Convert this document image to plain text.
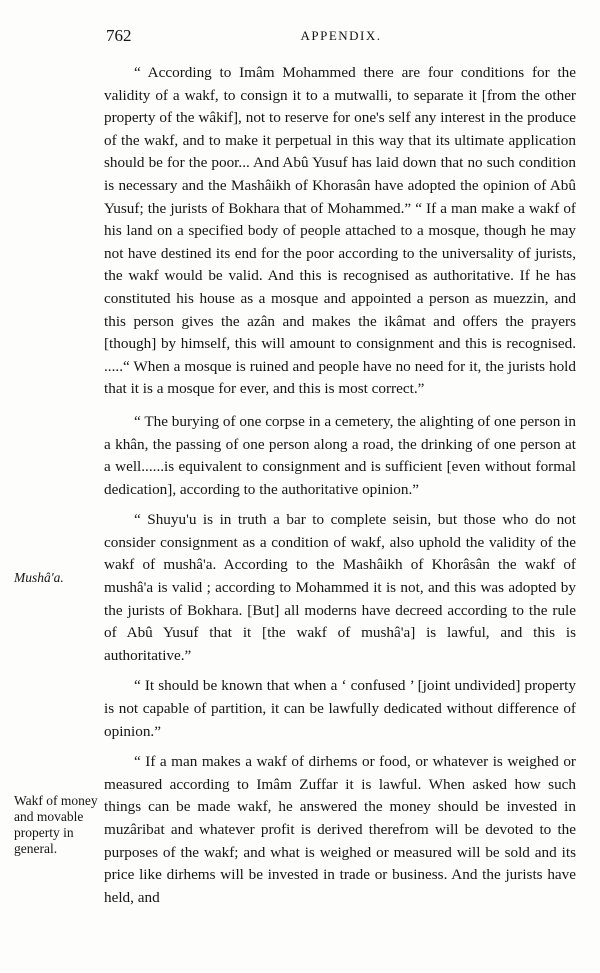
762	APPENDIX.
Mushâ'a.
Wakf of money and movable property in general.

“ According to Imâm Mohammed there are four conditions for the validity of a wakf, to consign it to a mutwalli, to separate it [from the other property of the wâkif], not to reserve for one's self any interest in the produce of the wakf, and to make it perpetual in this way that its ultimate application should be for the poor... And Abû Yusuf has laid down that no such condition is necessary and the Mashâikh of Khorasân have adopted the opinion of Abû Yusuf; the jurists of Bokhara that of Mohammed.” “ If a man make a wakf of his land on a specified body of people attached to a mosque, though he may not have destined its end for the poor according to the universality of jurists, the wakf would be valid. And this is recognised as authoritative. If he has constituted his house as a mosque and appointed a person as muezzin, and this person gives the azân and makes the ikâmat and offers the prayers [though] by himself, this will amount to consignment and this is recognised. .....“ When a mosque is ruined and people have no need for it, the jurists hold that it is a mosque for ever, and this is most correct.”

“ The burying of one corpse in a cemetery, the alighting of one person in a khân, the passing of one person along a road, the drinking of one person at a well......is equivalent to consignment and is sufficient [even without formal dedication], according to the authoritative opinion.”

“ Shuyu'u is in truth a bar to complete seisin, but those who do not consider consignment as a condition of wakf, also uphold the validity of the wakf of mushâ'a. According to the Mashâikh of Khorâsân the wakf of mushâ'a is valid ; according to Mohammed it is not, and this was adopted by the jurists of Bokhara. [But] all moderns have decreed according to the rule of Abû Yusuf that it [the wakf of mushâ'a] is lawful, and this is authoritative.”

“ It should be known that when a ‘ confused ’ [joint undivided] property is not capable of partition, it can be lawfully dedicated without difference of opinion.”

“ If a man makes a wakf of dirhems or food, or whatever is weighed or measured according to Imâm Zuffar it is lawful. When asked how such things can be made wakf, he answered the money should be invested in muzâribat and whatever profit is derived therefrom will be devoted to the purposes of the wakf; and what is weighed or measured will be sold and its price like dirhems will be invested in trade or business. And the jurists have held, and
